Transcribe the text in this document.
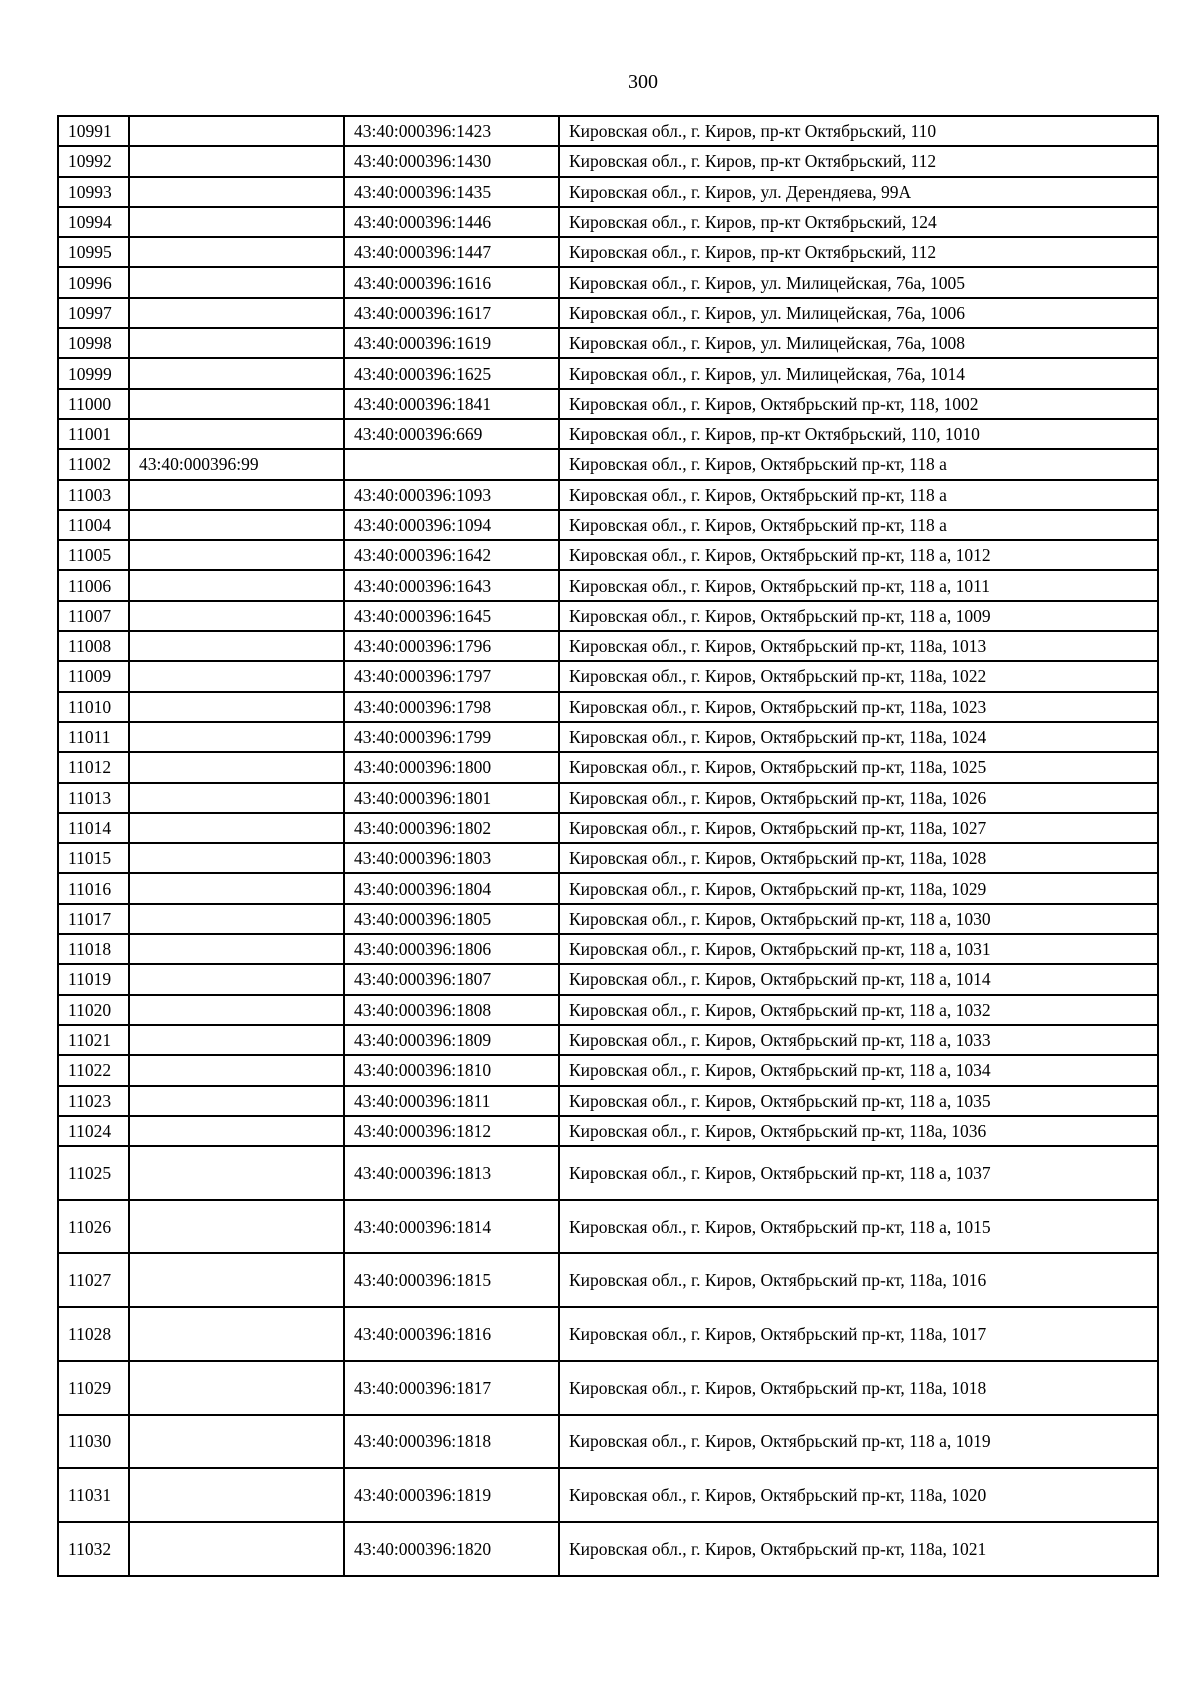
300
10991		43:40:000396:1423	Кировская обл., г. Киров, пр-кт Октябрьский, 110
10992		43:40:000396:1430	Кировская обл., г. Киров, пр-кт Октябрьский, 112
10993		43:40:000396:1435	Кировская обл., г. Киров, ул. Дерендяева, 99А
10994		43:40:000396:1446	Кировская обл., г. Киров, пр-кт Октябрьский, 124
10995		43:40:000396:1447	Кировская обл., г. Киров, пр-кт Октябрьский, 112
10996		43:40:000396:1616	Кировская обл., г. Киров, ул. Милицейская, 76а, 1005
10997		43:40:000396:1617	Кировская обл., г. Киров, ул. Милицейская, 76а, 1006
10998		43:40:000396:1619	Кировская обл., г. Киров, ул. Милицейская, 76а, 1008
10999		43:40:000396:1625	Кировская обл., г. Киров, ул. Милицейская, 76а, 1014
11000		43:40:000396:1841	Кировская обл., г. Киров, Октябрьский пр-кт, 118, 1002
11001		43:40:000396:669	Кировская обл., г. Киров, пр-кт Октябрьский, 110, 1010
11002	43:40:000396:99		Кировская обл., г. Киров, Октябрьский пр-кт, 118 а
11003		43:40:000396:1093	Кировская обл., г. Киров, Октябрьский пр-кт, 118 а
11004		43:40:000396:1094	Кировская обл., г. Киров, Октябрьский пр-кт, 118 а
11005		43:40:000396:1642	Кировская обл., г. Киров, Октябрьский пр-кт, 118 а, 1012
11006		43:40:000396:1643	Кировская обл., г. Киров, Октябрьский пр-кт, 118 а, 1011
11007		43:40:000396:1645	Кировская обл., г. Киров, Октябрьский пр-кт, 118 а, 1009
11008		43:40:000396:1796	Кировская обл., г. Киров, Октябрьский пр-кт, 118а, 1013
11009		43:40:000396:1797	Кировская обл., г. Киров, Октябрьский пр-кт, 118а, 1022
11010		43:40:000396:1798	Кировская обл., г. Киров, Октябрьский пр-кт, 118а, 1023
11011		43:40:000396:1799	Кировская обл., г. Киров, Октябрьский пр-кт, 118а, 1024
11012		43:40:000396:1800	Кировская обл., г. Киров, Октябрьский пр-кт, 118а, 1025
11013		43:40:000396:1801	Кировская обл., г. Киров, Октябрьский пр-кт, 118а, 1026
11014		43:40:000396:1802	Кировская обл., г. Киров, Октябрьский пр-кт, 118а, 1027
11015		43:40:000396:1803	Кировская обл., г. Киров, Октябрьский пр-кт, 118а, 1028
11016		43:40:000396:1804	Кировская обл., г. Киров, Октябрьский пр-кт, 118а, 1029
11017		43:40:000396:1805	Кировская обл., г. Киров, Октябрьский пр-кт, 118 а, 1030
11018		43:40:000396:1806	Кировская обл., г. Киров, Октябрьский пр-кт, 118 а, 1031
11019		43:40:000396:1807	Кировская обл., г. Киров, Октябрьский пр-кт, 118 а, 1014
11020		43:40:000396:1808	Кировская обл., г. Киров, Октябрьский пр-кт, 118 а, 1032
11021		43:40:000396:1809	Кировская обл., г. Киров, Октябрьский пр-кт, 118 а, 1033
11022		43:40:000396:1810	Кировская обл., г. Киров, Октябрьский пр-кт, 118 а, 1034
11023		43:40:000396:1811	Кировская обл., г. Киров, Октябрьский пр-кт, 118 а, 1035
11024		43:40:000396:1812	Кировская обл., г. Киров, Октябрьский пр-кт, 118а, 1036
11025		43:40:000396:1813	Кировская обл., г. Киров, Октябрьский пр-кт, 118 а, 1037
11026		43:40:000396:1814	Кировская обл., г. Киров, Октябрьский пр-кт, 118 а, 1015
11027		43:40:000396:1815	Кировская обл., г. Киров, Октябрьский пр-кт, 118а, 1016
11028		43:40:000396:1816	Кировская обл., г. Киров, Октябрьский пр-кт, 118а, 1017
11029		43:40:000396:1817	Кировская обл., г. Киров, Октябрьский пр-кт, 118а, 1018
11030		43:40:000396:1818	Кировская обл., г. Киров, Октябрьский пр-кт, 118 а, 1019
11031		43:40:000396:1819	Кировская обл., г. Киров, Октябрьский пр-кт, 118а, 1020
11032		43:40:000396:1820	Кировская обл., г. Киров, Октябрьский пр-кт, 118а, 1021
